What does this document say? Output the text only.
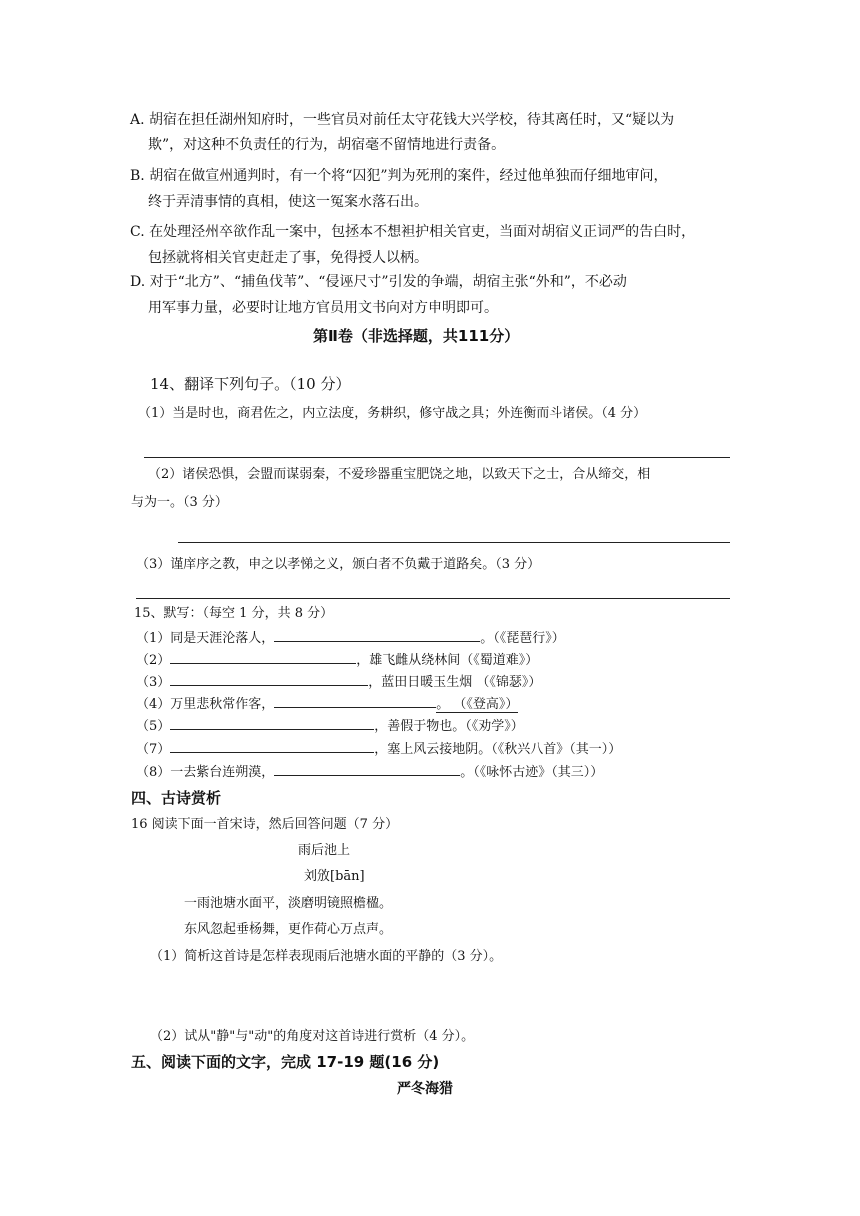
A. 胡宿在担任湖州知府时，一些官员对前任太守花钱大兴学校，待其离任时，又“疑以为
欺”，对这种不负责任的行为，胡宿毫不留情地进行责备。
B. 胡宿在做宣州通判时，有一个将“囚犯”判为死刑的案件，经过他单独而仔细地审问，
终于弄清事情的真相，使这一冤案水落石出。
C. 在处理泾州卒欲作乱一案中，包拯本不想袒护相关官吏，当面对胡宿义正词严的告白时，
包拯就将相关官吏赶走了事，免得授人以柄。
D. 对于“北方”、“捕鱼伐苇”、“侵诬尺寸”引发的争端，胡宿主张“外和”，不必动
用军事力量，必要时让地方官员用文书向对方申明即可。
第Ⅱ卷（非选择题，共111分）
14、翻译下列句子。（10 分）
（1）当是时也，商君佐之，内立法度，务耕织，修守战之具；外连衡而斗诸侯。（4 分）
（2）诸侯恐惧，会盟而谋弱秦，不爱珍器重宝肥饶之地，以致天下之士，合从缔交，相
与为一。（3 分）
（3）谨庠序之教，申之以孝悌之义，颁白者不负戴于道路矣。（3 分）
15、默写：（每空 1 分，共 8 分）
（1）同是天涯沦落人，	。（《琵琶行》）
（2）	，雄飞雌从绕林间（《蜀道难》）
（3）	，蓝田日暖玉生烟 （《锦瑟》）
（4）万里悲秋常作客，	。 （《登高》）
（5）	，善假于物也。（《劝学》）
（7）	，塞上风云接地阴。（《秋兴八首》（其一））
（8）一去紫台连朔漠，	。（《咏怀古迹》（其三））
四、古诗赏析
16 阅读下面一首宋诗，然后回答问题（7 分）
雨后池上
刘攽[bān]
一雨池塘水面平，淡磨明镜照檐楹。
东风忽起垂杨舞，更作荷心万点声。
（1）简析这首诗是怎样表现雨后池塘水面的平静的（3 分）。
（2）试从"静"与"动"的角度对这首诗进行赏析（4 分）。
五、阅读下面的文字，完成 17-19 题(16 分)
严冬海猎
